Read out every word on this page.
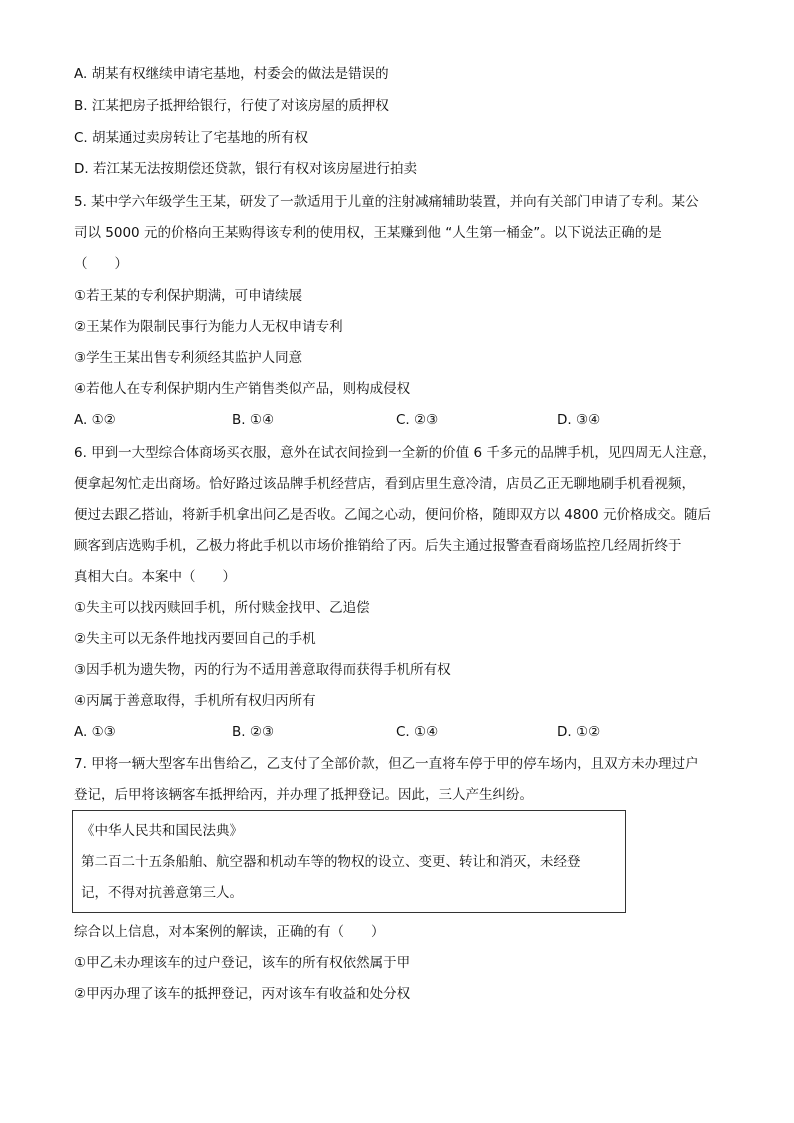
A. 胡某有权继续申请宅基地，村委会的做法是错误的
B. 江某把房子抵押给银行，行使了对该房屋的质押权
C. 胡某通过卖房转让了宅基地的所有权
D. 若江某无法按期偿还贷款，银行有权对该房屋进行拍卖
5. 某中学六年级学生王某，研发了一款适用于儿童的注射减痛辅助装置，并向有关部门申请了专利。某公
司以 5000 元的价格向王某购得该专利的使用权，王某赚到他 “人生第一桶金”。以下说法正确的是
（　　）
①若王某的专利保护期满，可申请续展
②王某作为限制民事行为能力人无权申请专利
③学生王某出售专利须经其监护人同意
④若他人在专利保护期内生产销售类似产品，则构成侵权
A. ①②	B. ①④	C. ②③	D. ③④
6. 甲到一大型综合体商场买衣服，意外在试衣间捡到一全新的价值 6 千多元的品牌手机，见四周无人注意，
便拿起匆忙走出商场。恰好路过该品牌手机经营店，看到店里生意冷清，店员乙正无聊地刷手机看视频，
便过去跟乙搭讪，将新手机拿出问乙是否收。乙闻之心动，便问价格，随即双方以 4800 元价格成交。随后
顾客到店选购手机，乙极力将此手机以市场价推销给了丙。后失主通过报警查看商场监控几经周折终于
真相大白。本案中（　　）
①失主可以找丙赎回手机，所付赎金找甲、乙追偿
②失主可以无条件地找丙要回自己的手机
③因手机为遗失物，丙的行为不适用善意取得而获得手机所有权
④丙属于善意取得，手机所有权归丙所有
A. ①③	B. ②③	C. ①④	D. ①②
7. 甲将一辆大型客车出售给乙，乙支付了全部价款，但乙一直将车停于甲的停车场内，且双方未办理过户
登记，后甲将该辆客车抵押给丙，并办理了抵押登记。因此，三人产生纠纷。
《中华人民共和国民法典》
第二百二十五条船舶、航空器和机动车等的物权的设立、变更、转让和消灭，未经登
记，不得对抗善意第三人。
综合以上信息，对本案例的解读，正确的有（　　）
①甲乙未办理该车的过户登记，该车的所有权依然属于甲
②甲丙办理了该车的抵押登记，丙对该车有收益和处分权
